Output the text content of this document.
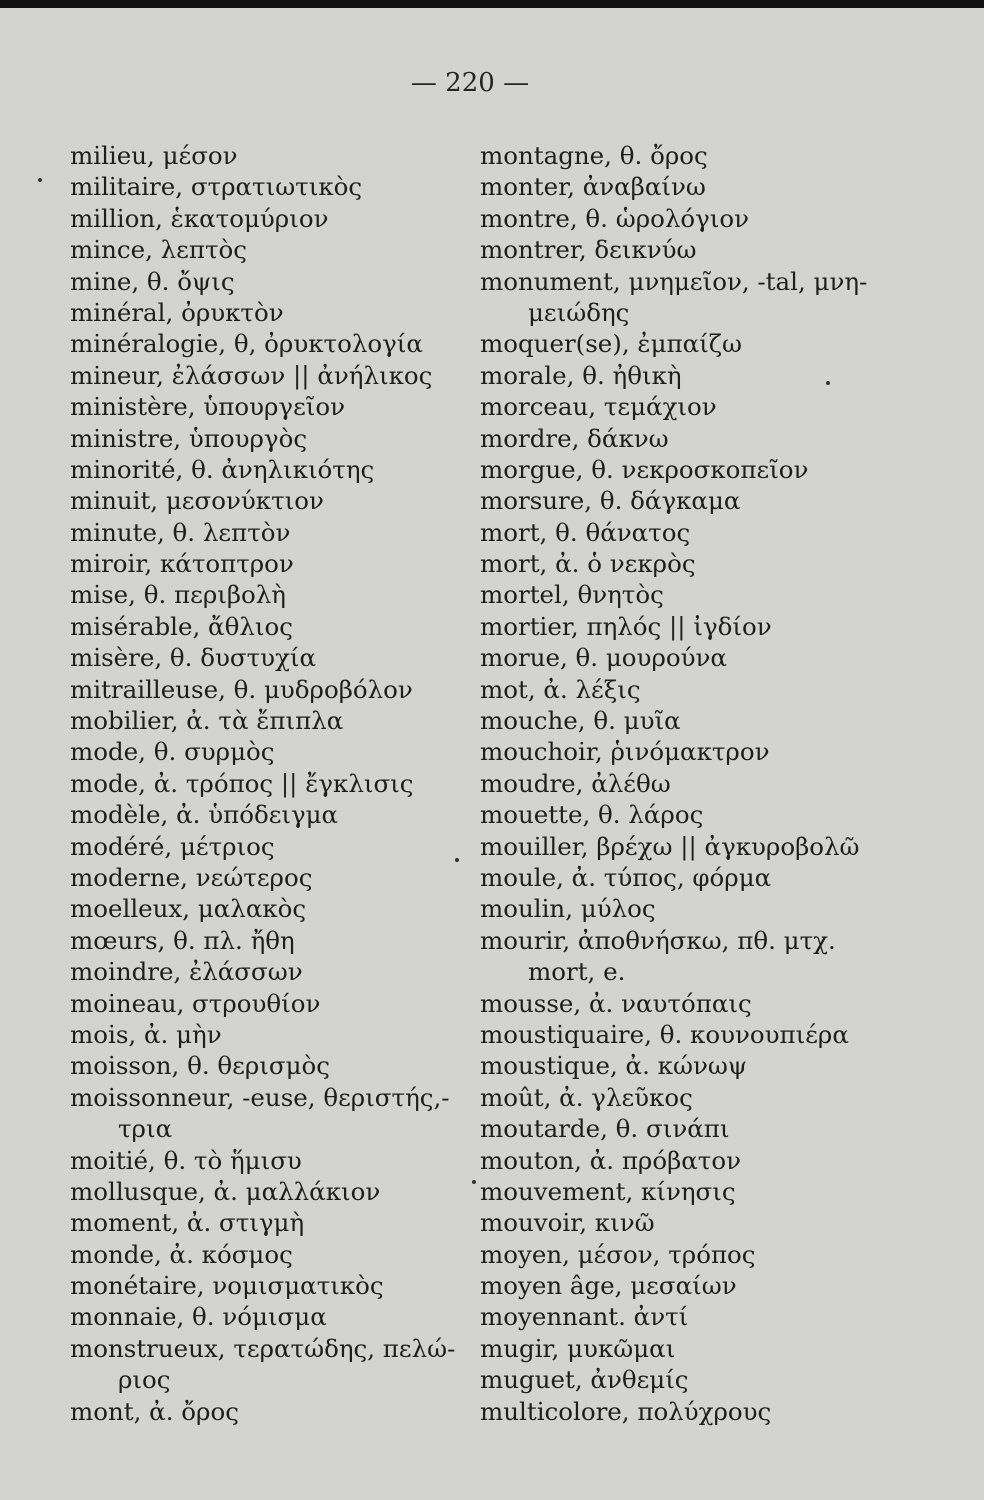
— 220 —
milieu, μέσον
militaire, στρατιωτικὸς
million, ἑκατομύριον
mince, λεπτὸς
mine, θ. ὄψις
minéral, ὀρυκτὸν
minéralogie, θ, ὀρυκτολογία
mineur, ἐλάσσων || ἀνήλικος
ministère, ὑπουργεῖον
ministre, ὑπουργὸς
minorité, θ. ἀνηλικιότης
minuit, μεσονύκτιον
minute, θ. λεπτὸν
miroir, κάτοπτρον
mise, θ. περιβολὴ
misérable, ἄθλιος
misère, θ. δυστυχία
mitrailleuse, θ. μυδροβόλον
mobilier, ἀ. τὰ ἔπιπλα
mode, θ. συρμὸς
mode, ἀ. τρόπος || ἔγκλισις
modèle, ἀ. ὑπόδειγμα
modéré, μέτριος
moderne, νεώτερος
moelleux, μαλακὸς
mœurs, θ. πλ. ἤθη
moindre, ἐλάσσων
moineau, στρουθίον
mois, ἀ. μὴν
moisson, θ. θερισμὸς
moissonneur, -euse, θεριστής,-
τρια
moitié, θ. τὸ ἥμισυ
mollusque, ἀ. μαλλάκιον
moment, ἀ. στιγμὴ
monde, ἀ. κόσμος
monétaire, νομισματικὸς
monnaie, θ. νόμισμα
monstrueux, τερατώδης, πελώ-
ριος
mont, ἀ. ὄρος
montagne, θ. ὄρος
monter, ἀναβαίνω
montre, θ. ὡρολόγιον
montrer, δεικνύω
monument, μνημεῖον, -tal, μνη-
μειώδης
moquer(se), ἐμπαίζω
morale, θ. ἠθικὴ
morceau, τεμάχιον
mordre, δάκνω
morgue, θ. νεκροσκοπεῖον
morsure, θ. δάγκαμα
mort, θ. θάνατος
mort, ἀ. ὁ νεκρὸς
mortel, θνητὸς
mortier, πηλός || ἰγδίον
morue, θ. μουρούνα
mot, ἀ. λέξις
mouche, θ. μυῖα
mouchoir, ῥινόμακτρον
moudre, ἀλέθω
mouette, θ. λάρος
mouiller, βρέχω || ἀγκυροβολῶ
moule, ἀ. τύπος, φόρμα
moulin, μύλος
mourir, ἀποθνήσκω, πθ. μτχ.
mort, e.
mousse, ἀ. ναυτόπαις
moustiquaire, θ. κουνουπιέρα
moustique, ἀ. κώνωψ
moût, ἀ. γλεῦκος
moutarde, θ. σινάπι
mouton, ἀ. πρόβατον
mouvement, κίνησις
mouvoir, κινῶ
moyen, μέσον, τρόπος
moyen âge, μεσαίων
moyennant. ἀντί
mugir, μυκῶμαι
muguet, ἀνθεμίς
multicolore, πολύχρους
